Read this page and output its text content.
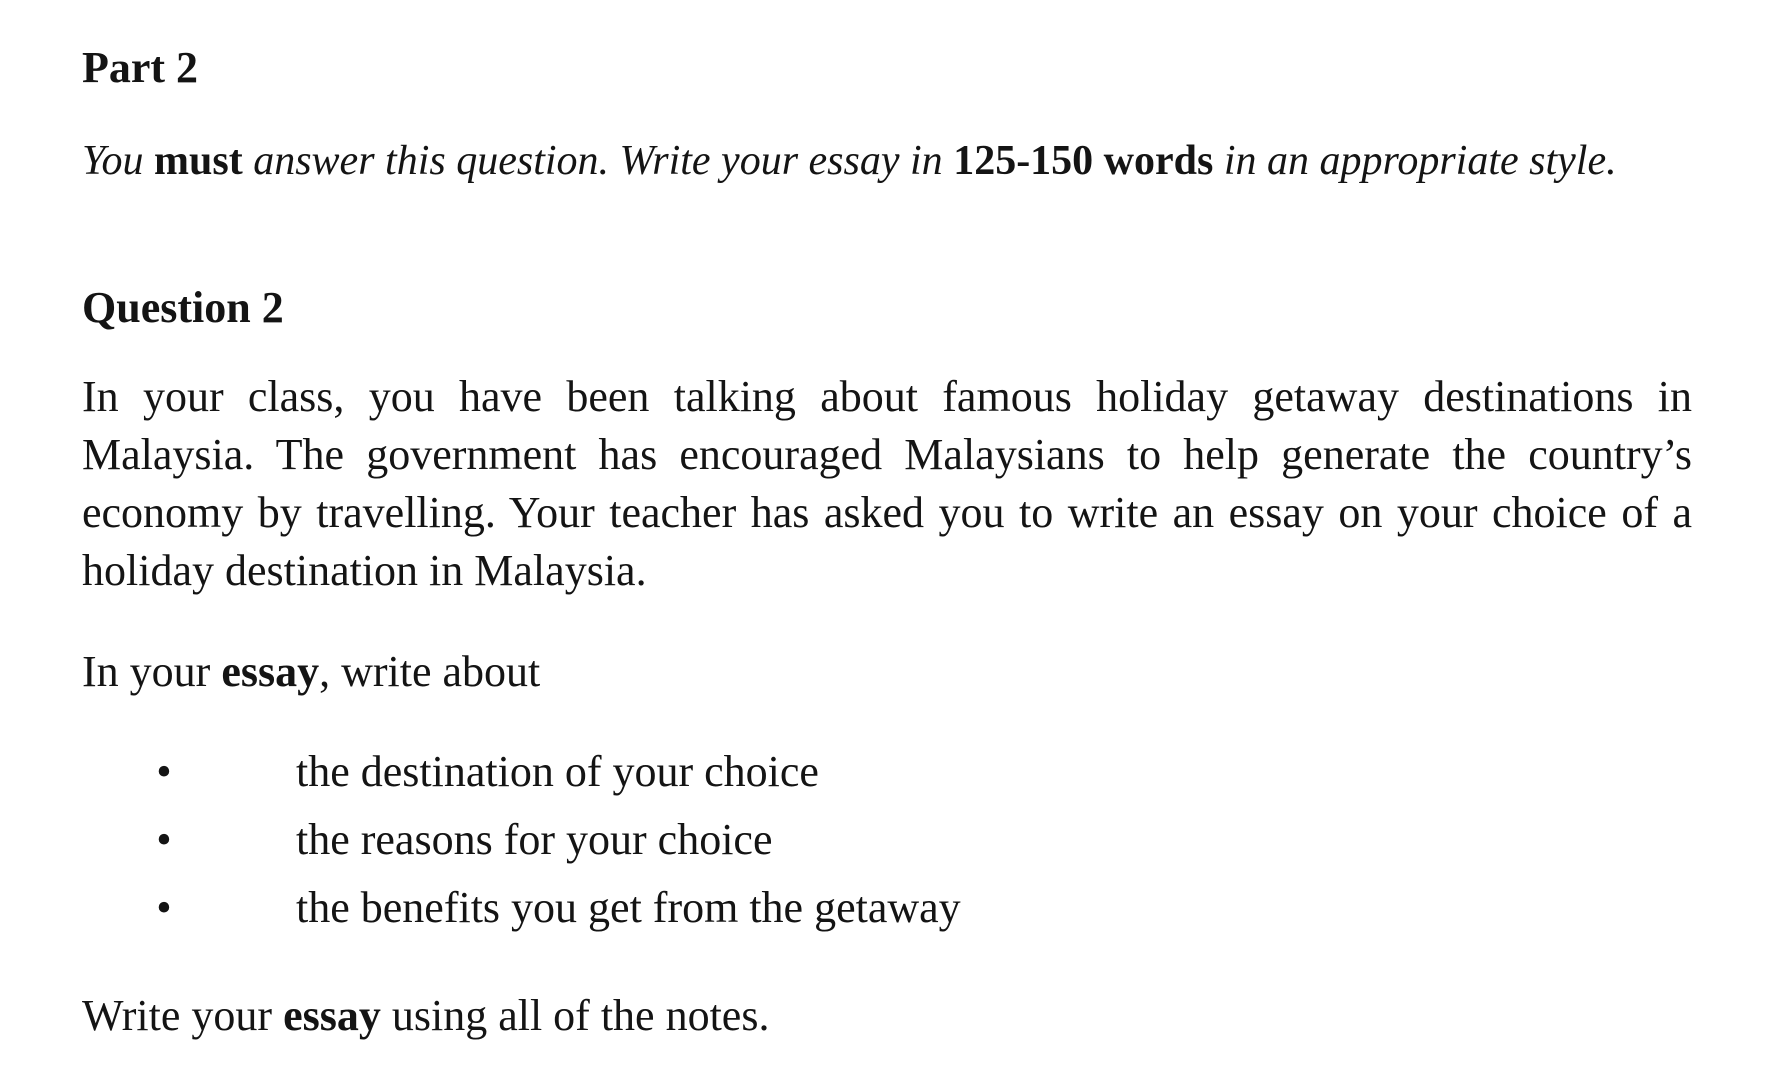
Part 2

You must answer this question. Write your essay in 125-150 words in an appropriate style.

Question 2

In your class, you have been talking about famous holiday getaway destinations in Malaysia. The government has encouraged Malaysians to help generate the country’s economy by travelling. Your teacher has asked you to write an essay on your choice of a holiday destination in Malaysia.

In your essay, write about

•	the destination of your choice
•	the reasons for your choice
•	the benefits you get from the getaway

Write your essay using all of the notes.
